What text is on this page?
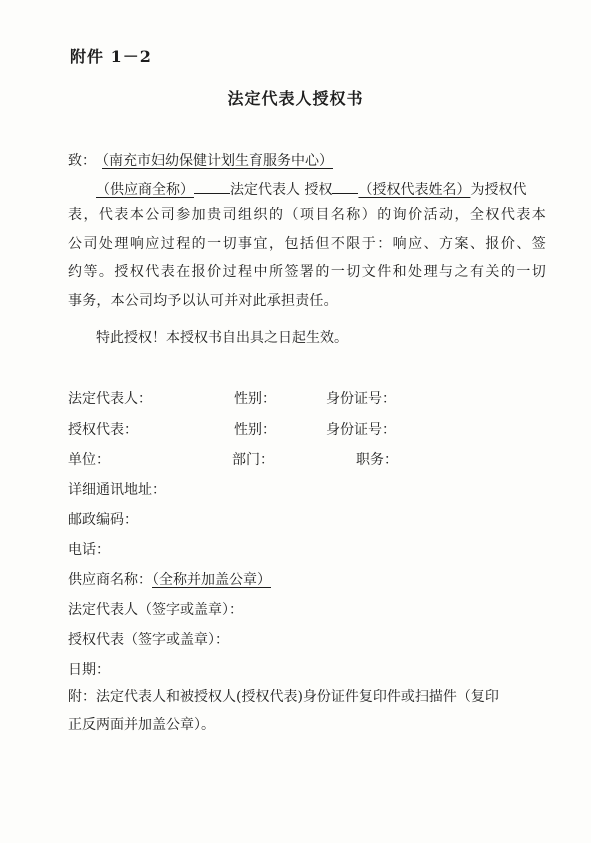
附件 1－2
法定代表人授权书
致： （南充市妇幼保健计划生育服务中心）
（供应商全称）	法定代表人 授权 （授权代表姓名）为授权代
表，代表本公司参加贵司组织的（项目名称）的询价活动，全权代表本
公司处理响应过程的一切事宜，包括但不限于：响应、方案、报价、签
约等。授权代表在报价过程中所签署的一切文件和处理与之有关的一切
事务，本公司均予以认可并对此承担责任。
特此授权！本授权书自出具之日起生效。
法定代表人：	性别：	身份证号：
授权代表：	性别：	身份证号：
单位：	部门：	职务：
详细通讯地址：
邮政编码：
电话：
供应商名称：（全称并加盖公章）
法定代表人（签字或盖章）：
授权代表（签字或盖章）：
日期：
附：法定代表人和被授权人(授权代表)身份证件复印件或扫描件（复印
正反两面并加盖公章）。
